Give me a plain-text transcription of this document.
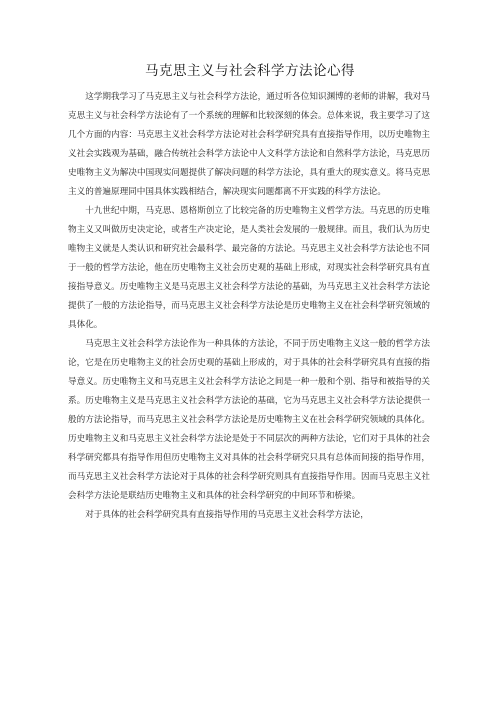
马克思主义与社会科学方法论心得

这学期我学习了马克思主义与社会科学方法论，通过听各位知识渊博的老师的讲解，我对马克思主义与社会科学方法论有了一个系统的理解和比较深刻的体会。总体来说，我主要学习了这几个方面的内容：马克思主义社会科学方法论对社会科学研究具有直接指导作用，以历史唯物主义社会实践观为基础，融合传统社会科学方法论中人文科学方法论和自然科学方法论，马克思历史唯物主义为解决中国现实问题提供了解决问题的科学方法论，具有重大的现实意义。将马克思主义的普遍原理同中国具体实践相结合，解决现实问题都离不开实践的科学方法论。

十九世纪中期，马克思、恩格斯创立了比较完备的历史唯物主义哲学方法。马克思的历史唯物主义又叫做历史决定论，或者生产决定论，是人类社会发展的一般规律。而且，我们认为历史唯物主义就是人类认识和研究社会最科学、最完备的方法论。马克思主义社会科学方法论也不同于一般的哲学方法论，他在历史唯物主义社会历史观的基础上形成，对现实社会科学研究具有直接指导意义。历史唯物主义是马克思主义社会科学方法论的基础，为马克思主义社会科学方法论提供了一般的方法论指导，而马克思主义社会科学方法论是历史唯物主义在社会科学研究领域的具体化。

马克思主义社会科学方法论作为一种具体的方法论，不同于历史唯物主义这一般的哲学方法论，它是在历史唯物主义的社会历史观的基础上形成的，对于具体的社会科学研究具有直接的指导意义。历史唯物主义和马克思主义社会科学方法论之间是一种一般和个别、指导和被指导的关系。历史唯物主义是马克思主义社会科学方法论的基础，它为马克思主义社会科学方法论提供一般的方法论指导，而马克思主义社会科学方法论是历史唯物主义在社会科学研究领域的具体化。历史唯物主义和马克思主义社会科学方法论是处于不同层次的两种方法论，它们对于具体的社会科学研究都具有指导作用但历史唯物主义对具体的社会科学研究只具有总体而间接的指导作用，而马克思主义社会科学方法论对于具体的社会科学研究则具有直接指导作用。因而马克思主义社会科学方法论是联结历史唯物主义和具体的社会科学研究的中间环节和桥梁。

对于具体的社会科学研究具有直接指导作用的马克思主义社会科学方法论，
